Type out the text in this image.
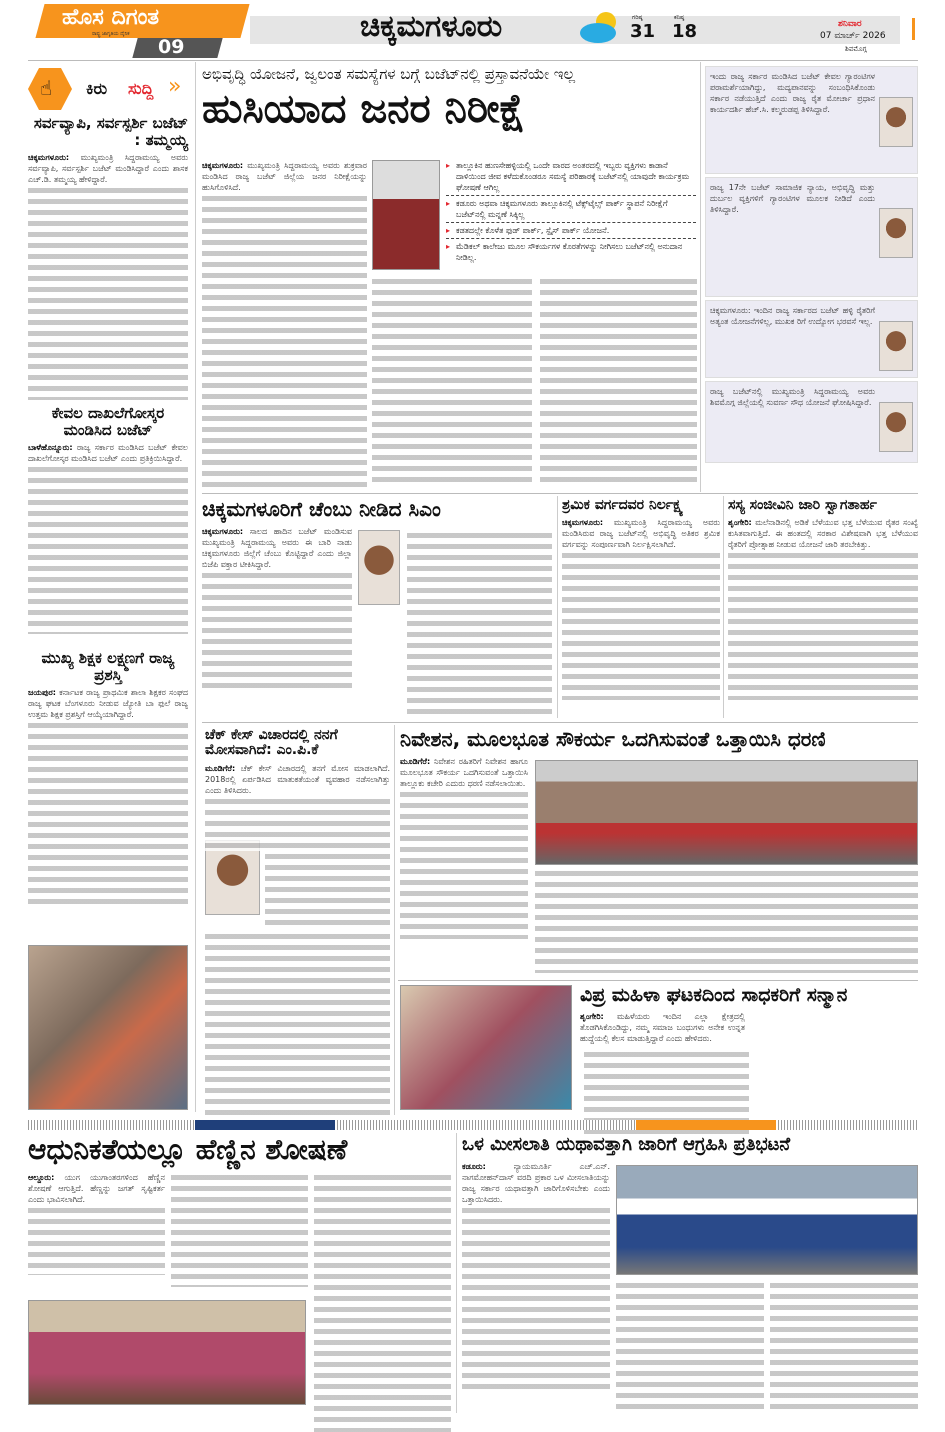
ಹೊಸ ದಿಗಂತ
ರಾಷ್ಟ್ರ ಜಾಗೃತಿಯ ದೈನಿಕ
09
ಚಿಕ್ಕಮಗಳೂರು	ಗರಿಷ್ಠ
31
ಕನಿಷ್ಠ
18	ಶನಿವಾರ
07 ಮಾರ್ಚ್ 2026
ಶಿವಮೊಗ್ಗ
☝ ಕಿರು ಸುದ್ದಿ »
ಸರ್ವವ್ಯಾಪಿ, ಸರ್ವಸ್ಪರ್ಶಿ ಬಜೆಟ್ : ತಮ್ಮಯ್ಯ

ಚಿಕ್ಕಮಗಳೂರು: ಮುಖ್ಯಮಂತ್ರಿ ಸಿದ್ದರಾಮಯ್ಯ ಅವರು ಸರ್ವವ್ಯಾಪಿ, ಸರ್ವಸ್ಪರ್ಶಿ ಬಜೆಟ್ ಮಂಡಿಸಿದ್ದಾರೆ ಎಂದು ಶಾಸಕ ಎಚ್.ಡಿ. ತಮ್ಮಯ್ಯ ಹೇಳಿದ್ದಾರೆ.

ಕೇವಲ ದಾಖಲೆಗೋಸ್ಕರ ಮಂಡಿಸಿದ ಬಜೆಟ್

ಬಾಳೆಹೊನ್ನೂರು: ರಾಜ್ಯ ಸರ್ಕಾರ ಮಂಡಿಸಿದ ಬಜೆಟ್ ಕೇವಲ ದಾಖಲೆಗೋಸ್ಕರ ಮಂಡಿಸಿದ ಬಜೆಟ್ ಎಂದು ಪ್ರತಿಕ್ರಿಯಿಸಿದ್ದಾರೆ.

ಮುಖ್ಯ ಶಿಕ್ಷಕ ಲಕ್ಷ್ಮಣಗೆ ರಾಜ್ಯ ಪ್ರಶಸ್ತಿ

ಜಯಪುರ: ಕರ್ನಾಟಕ ರಾಜ್ಯ ಪ್ರಾಥಮಿಕ ಶಾಲಾ ಶಿಕ್ಷಕರ ಸಂಘದ ರಾಜ್ಯ ಘಟಕ ಬೆಂಗಳೂರು ನೀಡುವ ಜ್ಯೋತಿ ಬಾ ಫುಲೆ ರಾಜ್ಯ ಉತ್ತಮ ಶಿಕ್ಷಕ ಪ್ರಶಸ್ತಿಗೆ ಆಯ್ಕೆಯಾಗಿದ್ದಾರೆ.

ಅಭಿವೃದ್ಧಿ ಯೋಜನೆ, ಜ್ವಲಂತ ಸಮಸ್ಯೆಗಳ ಬಗ್ಗೆ ಬಜೆಟ್‌ನಲ್ಲಿ ಪ್ರಸ್ತಾವನೆಯೇ ಇಲ್ಲ
ಹುಸಿಯಾದ ಜನರ ನಿರೀಕ್ಷೆ
▸ ತಾಲ್ಲೂಕಿನ ಹುಣಸೇಹಳ್ಳಿಯಲ್ಲಿ ಒಂದೇ ವಾರದ ಅಂತರದಲ್ಲಿ ಇಬ್ಬರು ವ್ಯಕ್ತಿಗಳು ಕಾಡಾನೆ ದಾಳಿಯಿಂದ ಜೀವ ಕಳೆದುಕೊಂಡರೂ ಸಮಸ್ಯೆ ಪರಿಹಾರಕ್ಕೆ ಬಜೆಟ್‌ನಲ್ಲಿ ಯಾವುದೇ ಕಾರ್ಯಕ್ರಮ ಘೋಷಣೆ ಆಗಿಲ್ಲ
▸ ಕಡೂರು ಅಥವಾ ಚಿಕ್ಕಮಗಳೂರು ತಾಲ್ಲೂಕಿನಲ್ಲಿ ಟೆಕ್ಸ್‌ಟೈಲ್ಸ್ ಪಾರ್ಕ್ ಸ್ಥಾಪನೆ ನಿರೀಕ್ಷೆಗೆ ಬಜೆಟ್‌ನಲ್ಲಿ ಮನ್ನಣೆ ಸಿಕ್ಕಿಲ್ಲ
▸ ಕಡತದಲ್ಲೇ ಕೊಳೆತ ಫುಡ್ ಪಾರ್ಕ್, ಸ್ಪೈಸ್ ಪಾರ್ಕ್ ಯೋಜನೆ.
▸ ಮೆಡಿಕಲ್ ಕಾಲೇಜು ಮೂಲ ಸೌಕರ್ಯಗಳ ಕೊರತೆಗಳನ್ನು ನೀಗಿಸಲು ಬಜೆಟ್‌ನಲ್ಲಿ ಅನುದಾನ ನೀಡಿಲ್ಲ.

ಚಿಕ್ಕಮಗಳೂರು: ಮುಖ್ಯಮಂತ್ರಿ ಸಿದ್ದರಾಮಯ್ಯ ಅವರು ಶುಕ್ರವಾರ ಮಂಡಿಸಿದ ರಾಜ್ಯ ಬಜೆಟ್ ಜಿಲ್ಲೆಯ ಜನರ ನಿರೀಕ್ಷೆಯನ್ನು ಹುಸಿಗೊಳಿಸಿದೆ.

ಇಂದು ರಾಜ್ಯ ಸರ್ಕಾರ ಮಂಡಿಸಿದ ಬಜೆಟ್ ಕೇವಲ ಗ್ಯಾರಂಟಿಗಳ ಪರಾಮರ್ಶೆಯಾಗಿದ್ದು, ಮದ್ಯಪಾನವನ್ನು ಸಂಬಂಧಿಸಿಕೊಂಡು ಸರ್ಕಾರ ನಡೆಯುತ್ತಿದೆ ಎಂದು ರಾಜ್ಯ ರೈತ ಮೋರ್ಚಾ ಪ್ರಧಾನ ಕಾರ್ಯದರ್ಶಿ ಹೆಚ್.ಸಿ. ಕಲ್ಮರುಡಪ್ಪ ತಿಳಿಸಿದ್ದಾರೆ.

ರಾಜ್ಯ 17ನೇ ಬಜೆಟ್ ಸಾಮಾಜಿಕ ನ್ಯಾಯ, ಅಭಿವೃದ್ಧಿ ಮತ್ತು ದುರ್ಬಲ ವ್ಯಕ್ತಿಗಳಿಗೆ ಗ್ಯಾರಂಟಿಗಳ ಮೂಲಕ ನೀಡಿದೆ ಎಂದು ತಿಳಿಸಿದ್ದಾರೆ.

ಚಿಕ್ಕಮಗಳೂರು: ಇಂದಿನ ರಾಜ್ಯ ಸರ್ಕಾರದ ಬಜೆಟ್ ಹಳ್ಳಿ ರೈತರಿಗೆ ಅತ್ಯಂತ ಯೋಜನೆಗಳಿಲ್ಲ, ಮುಖಕ ರಿಗೆ ಉದ್ಯೋಗ ಭರವಸೆ ಇಲ್ಲ.

ರಾಜ್ಯ ಬಜೆಟ್‌ನಲ್ಲಿ ಮುಖ್ಯಮಂತ್ರಿ ಸಿದ್ದರಾಮಯ್ಯ ಅವರು ಶಿವಮೊಗ್ಗ ಜಿಲ್ಲೆಯಲ್ಲಿ ಸುವರ್ಣ ಸೌಧ ಯೋಜನೆ ಘೋಷಿಸಿದ್ದಾರೆ.

ಚಿಕ್ಕಮಗಳೂರಿಗೆ ಚೆಂಬು ನೀಡಿದ ಸಿಎಂ

ಚಿಕ್ಕಮಗಳೂರು: ಸಾಲದ ಹಾದಿನ ಬಜೆಟ್ ಮಂಡಿಸುವ ಮುಖ್ಯಮಂತ್ರಿ ಸಿದ್ದರಾಮಯ್ಯ ಅವರು ಈ ಬಾರಿ ನಾಡು ಚಿಕ್ಕಮಗಳೂರು ಜಿಲ್ಲೆಗೆ ಚೆಂಬು ಕೊಟ್ಟಿದ್ದಾರೆ ಎಂದು ಜಿಲ್ಲಾ ಬಿಜೆಪಿ ವಕ್ತಾರ ಟೀಕಿಸಿದ್ದಾರೆ.

ಶ್ರಮಿಕ ವರ್ಗದವರ ನಿರ್ಲಕ್ಷ್ಯ

ಚಿಕ್ಕಮಗಳೂರು: ಮುಖ್ಯಮಂತ್ರಿ ಸಿದ್ದರಾಮಯ್ಯ ಅವರು ಮಂಡಿಸಿರುವ ರಾಜ್ಯ ಬಜೆಟ್‌ನಲ್ಲಿ ಅಭಿವೃದ್ಧಿ ಅತಿಕರ ಶ್ರಮಿಕ ವರ್ಗವನ್ನು ಸಂಪೂರ್ಣವಾಗಿ ನಿರ್ಲಕ್ಷಿಸಲಾಗಿದೆ.

ಸಸ್ಯ ಸಂಜೀವಿನಿ ಜಾರಿ ಸ್ವಾಗತಾರ್ಹ

ಶೃಂಗೇರಿ: ಮಲೆನಾಡಿನಲ್ಲಿ ಅಡಿಕೆ ಬೆಳೆಯುವ ಭತ್ತ ಬೆಳೆಯುವ ರೈತರ ಸಂಖ್ಯೆ ಕುಸಿತವಾಗುತ್ತಿದೆ. ಈ ಹಂತದಲ್ಲಿ ಸರಕಾರ ವಿಶೇಷವಾಗಿ ಭತ್ತ ಬೆಳೆಯುವ ರೈತರಿಗೆ ಪ್ರೋತ್ಸಾಹ ನೀಡುವ ಯೋಜನೆ ಜಾರಿ ತರಬೇಕಿತ್ತು.

ಚೆಕ್ ಕೇಸ್ ವಿಚಾರದಲ್ಲಿ ನನಗೆ ಮೋಸವಾಗಿದೆ: ಎಂ.ಪಿ.ಕೆ

ಮೂಡಿಗೆರೆ: ಚೆಕ್ ಕೇಸ್ ವಿಚಾರದಲ್ಲಿ ತನಗೆ ಮೋಸ ಮಾಡಲಾಗಿದೆ. 2018ರಲ್ಲಿ ಏರ್ಪಡಿಸಿದ ಮಾತುಕತೆಯಂತೆ ವ್ಯವಹಾರ ನಡೆಸಲಾಗಿತ್ತು ಎಂದು ತಿಳಿಸಿದರು.

ನಿವೇಶನ, ಮೂಲಭೂತ ಸೌಕರ್ಯ ಒದಗಿಸುವಂತೆ ಒತ್ತಾಯಿಸಿ ಧರಣಿ

ಮೂಡಿಗೆರೆ: ನಿವೇಶನ ರಹಿತರಿಗೆ ನಿವೇಶನ ಹಾಗೂ ಮೂಲಭೂತ ಸೌಕರ್ಯ ಒದಗಿಸುವಂತೆ ಒತ್ತಾಯಿಸಿ ತಾಲ್ಲೂಕು ಕಚೇರಿ ಎದುರು ಧರಣಿ ನಡೆಸಲಾಯಿತು.

ವಿಪ್ರ ಮಹಿಳಾ ಘಟಕದಿಂದ ಸಾಧಕರಿಗೆ ಸನ್ಮಾನ

ಶೃಂಗೇರಿ: ಮಹಿಳೆಯರು ಇಂದಿನ ಎಲ್ಲಾ ಕ್ಷೇತ್ರದಲ್ಲಿ ತೊಡಗಿಸಿಕೊಂಡಿದ್ದು, ನಮ್ಮ ಸಮಾಜ ಬಂಧುಗಳು ಅನೇಕ ಉನ್ನತ ಹುದ್ದೆಯಲ್ಲಿ ಕೆಲಸ ಮಾಡುತ್ತಿದ್ದಾರೆ ಎಂದು ಹೇಳಿದರು.

ಆಧುನಿಕತೆಯಲ್ಲೂ ಹೆಣ್ಣಿನ ಶೋಷಣೆ

ಆಲ್ದೂರು: ಯುಗ ಯುಗಾಂತರಗಳಿಂದ ಹೆಣ್ಣಿನ ಶೋಷಣೆ ಆಗುತ್ತಿದೆ. ಹೆಣ್ಣನ್ನು ಜಗತ್ ಸೃಷ್ಟಿಕರ್ತ ಎಂದು ಭಾವಿಸಲಾಗಿದೆ.

ಒಳ ಮೀಸಲಾತಿ ಯಥಾವತ್ತಾಗಿ ಜಾರಿಗೆ ಆಗ್ರಹಿಸಿ ಪ್ರತಿಭಟನೆ

ಕಡೂರು:	ನ್ಯಾಯಮೂರ್ತಿ ಎಚ್.ಎನ್. ನಾಗಮೋಹನ್‌ದಾಸ್ ವರದಿ ಪ್ರಕಾರ ಒಳ ಮೀಸಲಾತಿಯನ್ನು ರಾಜ್ಯ ಸರ್ಕಾರ ಯಥಾವತ್ತಾಗಿ ಜಾರಿಗೊಳಿಸಬೇಕು ಎಂದು ಒತ್ತಾಯಿಸಿದರು.
